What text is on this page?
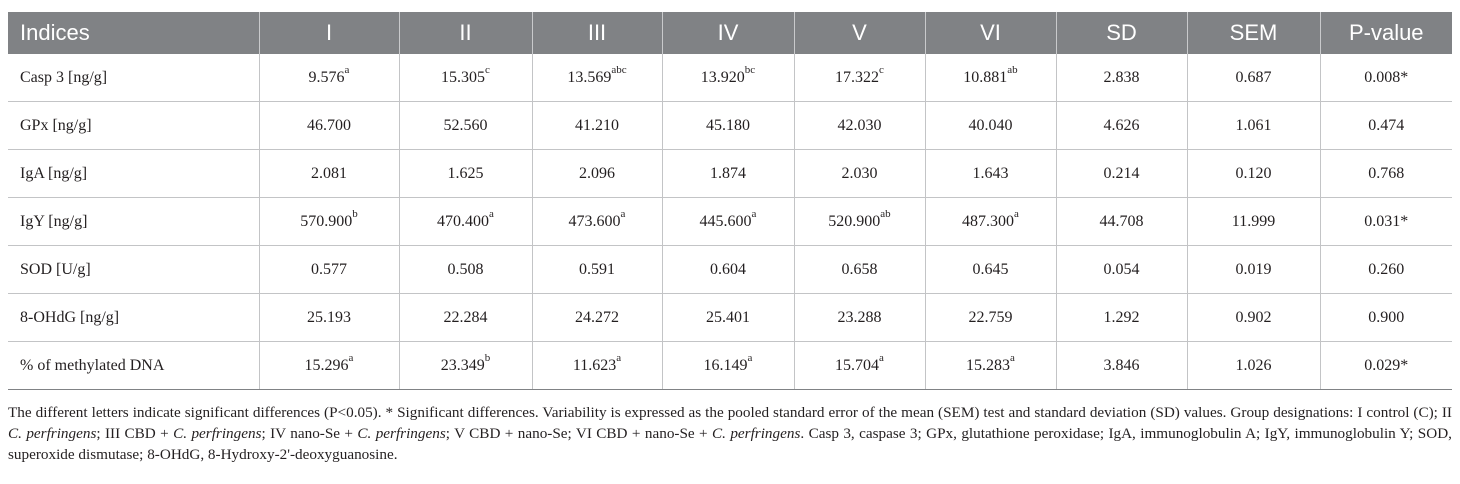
Indices	I	II	III	IV	V	VI	SD	SEM	P-value
Casp 3 [ng/g]	9.576$^a$	15.305$^c$	13.569$^{abc}$	13.920$^{bc}$	17.322$^c$	10.881$^{ab}$	2.838	0.687	0.008*
GPx [ng/g]	46.700	52.560	41.210	45.180	42.030	40.040	4.626	1.061	0.474
IgA [ng/g]	2.081	1.625	2.096	1.874	2.030	1.643	0.214	0.120	0.768
IgY [ng/g]	570.900$^b$	470.400$^a$	473.600$^a$	445.600$^a$	520.900$^{ab}$	487.300$^a$	44.708	11.999	0.031*
SOD [U/g]	0.577	0.508	0.591	0.604	0.658	0.645	0.054	0.019	0.260
8-OHdG [ng/g]	25.193	22.284	24.272	25.401	23.288	22.759	1.292	0.902	0.900
% of methylated DNA	15.296$^a$	23.349$^b$	11.623$^a$	16.149$^a$	15.704$^a$	15.283$^a$	3.846	1.026	0.029*

The different letters indicate significant differences (P<0.05). * Significant differences. Variability is expressed as the pooled standard error of the mean (SEM) test and standard deviation (SD) values. Group designations: I control (C); II C. perfringens; III CBD + C. perfringens; IV nano-Se + C. perfringens; V CBD + nano-Se; VI CBD + nano-Se + C. perfringens. Casp 3, caspase 3; GPx, glutathione peroxidase; IgA, immunoglobulin A; IgY, immunoglobulin Y; SOD, superoxide dismutase; 8-OHdG, 8-Hydroxy-2'-deoxyguanosine.
